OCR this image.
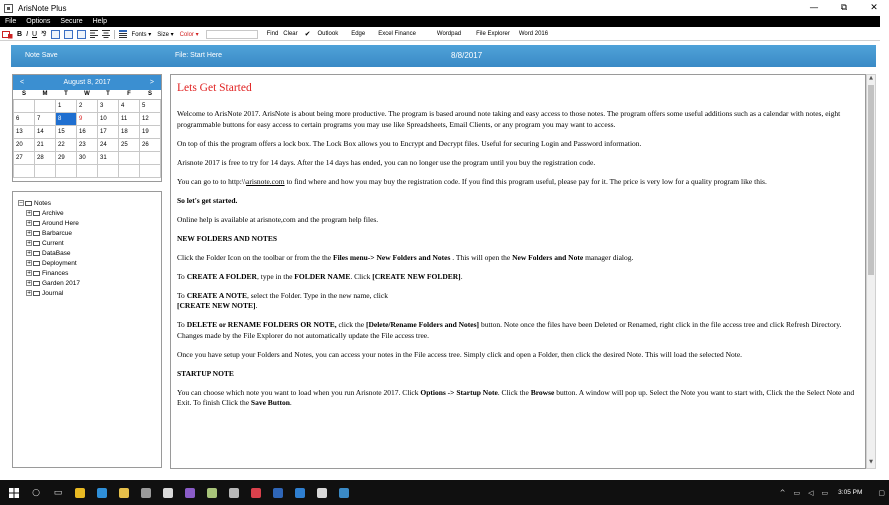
ArisNote Plus	—	⧉	✕
File	Options	Secure	Help
B I U ⅋	Fonts ▾ Size ▾ Color ▾	Find Clear ✔ Outlook Edge Excel Finance	Wordpad	File Explorer Word 2016
Note Save	File: Start Here	8/8/2017
<	August 8, 2017	>
S	M	T	W	T	F	S
		1	2	3	4	5
6	7	8	9	10	11	12
13	14	15	16	17	18	19
20	21	22	23	24	25	26
27	28	29	30	31		

− Notes
+ Archive
+ Around Here
+ Barbarcue
+ Current
+ DataBase
+ Deployment
+ Finances
+ Garden 2017
+ Journal
Lets Get Started

Welcome to ArisNote 2017. ArisNote is about being more productive. The program is based around note taking and easy access to those notes. The program offers some useful additions such as a calendar with notes, eight programmable buttons for easy access to certain programs you may use like Spreadsheets, Email Clients, or any program you may want to access.

On top of this the program offers a lock box. The Lock Box allows you to Encrypt and Decrypt files. Useful for securing Login and Password information.

Arisnote 2017 is free to try for 14 days. After the 14 days has ended, you can no longer use the program until you buy the registration code.

You can go to to http:\\arisnote.com to find where and how you may buy the registration code. If you find this program useful, please pay for it. The price is very low for a quality program like this.

So let's get started.

Online help is available at arisnote,com and the program help files.

NEW FOLDERS AND NOTES

Click the Folder Icon on the toolbar or from the the Files menu-> New Folders and Notes . This will open the New Folders and Note manager dialog.

To CREATE A FOLDER, type in the FOLDER NAME. Click [CREATE NEW FOLDER].

To CREATE A NOTE, select the Folder. Type in the new name, click
[CREATE NEW NOTE].

To DELETE or RENAME FOLDERS OR NOTE, click the [Delete/Rename Folders and Notes] button. Note once the files have been Deleted or Renamed, right click in the file access tree and click Refresh Directory. Changes made by the File Explorer do not automatically update the File access tree.

Once you have setup your Folders and Notes, you can access your notes in the File access tree. Simply click and open a Folder, then click the desired Note. This will load the selected Note.

STARTUP NOTE

You can choose which note you want to load when you run Arisnote 2017. Click Options -> Startup Note. Click the Browse button. A window will pop up. Select the Note you want to start with, Click the the Select Note and Exit. To finish Click the Save Button.

▲
▼
○	▭	^ ▭ ◁ ▭ 3:05 PM ▢
